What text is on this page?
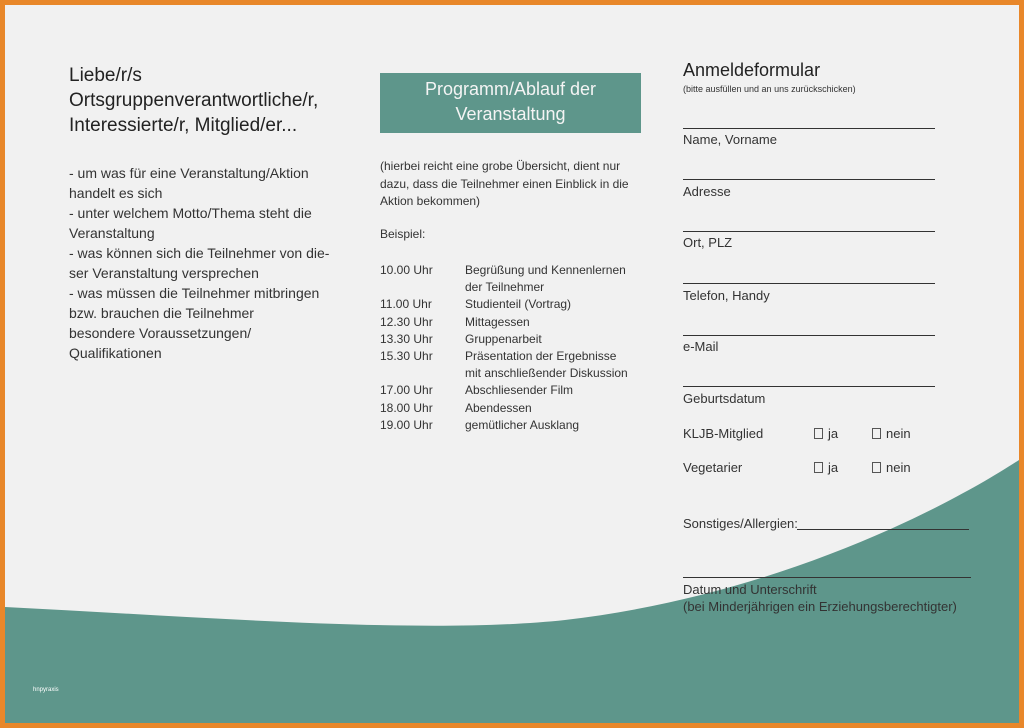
Liebe/r/s
Ortsgruppenverantwortliche/r,
Interessierte/r, Mitglied/er...
- um was für eine Veranstaltung/Aktion
handelt es sich
- unter welchem Motto/Thema steht die
Veranstaltung
- was können sich die Teilnehmer von die-
ser Veranstaltung versprechen
- was müssen die Teilnehmer mitbringen
bzw. brauchen die Teilnehmer
besondere Voraussetzungen/
Qualifikationen
Programm/Ablauf der
Veranstaltung
(hierbei reicht eine grobe Übersicht, dient nur
dazu, dass die Teilnehmer einen Einblick in die
Aktion bekommen)
Beispiel:
10.00 Uhr	Begrüßung und Kennenlernen
der Teilnehmer
11.00 Uhr	Studienteil (Vortrag)
12.30 Uhr	Mittagessen
13.30 Uhr	Gruppenarbeit
15.30 Uhr	Präsentation der Ergebnisse
mit anschließender Diskussion
17.00 Uhr	Abschliesender Film
18.00 Uhr	Abendessen
19.00 Uhr	gemütlicher Ausklang
Anmeldeformular
(bitte ausfüllen und an uns zurückschicken)
Name, Vorname
Adresse
Ort, PLZ
Telefon, Handy
e-Mail
Geburtsdatum
KLJB-Mitglied	ja	nein
Vegetarier	ja	nein
Sonstiges/Allergien:
Datum und Unterschrift
(bei Minderjährigen ein Erziehungsberechtigter)
hnpyraxis
